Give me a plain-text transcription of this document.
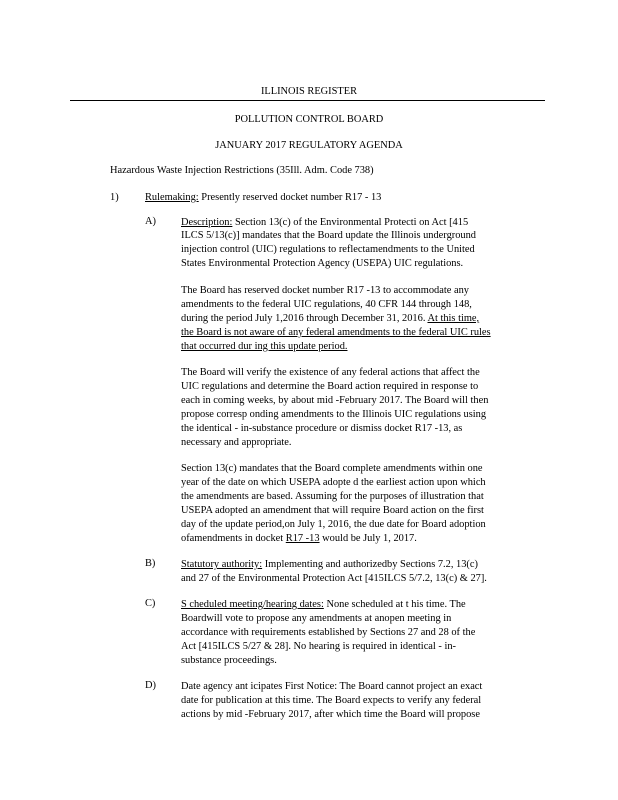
ILLINOIS REGISTER
POLLUTION CONTROL BOARD
JANUARY 2017 REGULATORY AGENDA
Hazardous Waste Injection Restrictions (35Ill. Adm. Code 738)
1)	Rulemaking: Presently reserved docket number R17 - 13
A) Description: Section 13(c) of the Environmental Protecti on Act [415
ILCS 5/13(c)] mandates that the Board update the Illinois underground
injection control (UIC) regulations to reflectamendments to the United
States Environmental Protection Agency (USEPA) UIC regulations.
The Board has reserved docket number R17 -13 to accommodate any
amendments to the federal UIC regulations, 40 CFR 144 through 148,
during the period July 1,2016 through December 31, 2016. At this time,
the Board is not aware of any federal amendments to the federal UIC rules
that occurred dur ing this update period.
The Board will verify the existence of any federal actions that affect the
UIC regulations and determine the Board action required in response to
each in coming weeks, by about mid -February 2017. The Board will then
propose corresp onding amendments to the Illinois UIC regulations using
the identical - in-substance procedure or dismiss docket R17 -13, as
necessary and appropriate.
Section 13(c) mandates that the Board complete amendments within one
year of the date on which USEPA adopte d the earliest action upon which
the amendments are based. Assuming for the purposes of illustration that
USEPA adopted an amendment that will require Board action on the first
day of the update period,on July 1, 2016, the due date for Board adoption
ofamendments in docket R17 -13 would be July 1, 2017.
B) Statutory authority: Implementing and authorizedby Sections 7.2, 13(c)
and 27 of the Environmental Protection Act [415ILCS 5/7.2, 13(c) & 27].
C) S cheduled meeting/hearing dates: None scheduled at t his time. The
Boardwill vote to propose any amendments at anopen meeting in
accordance with requirements established by Sections 27 and 28 of the
Act [415ILCS 5/27 & 28]. No hearing is required in identical - in-
substance proceedings.
D) Date agency ant icipates First Notice: The Board cannot project an exact
date for publication at this time. The Board expects to verify any federal
actions by mid -February 2017, after which time the Board will propose
